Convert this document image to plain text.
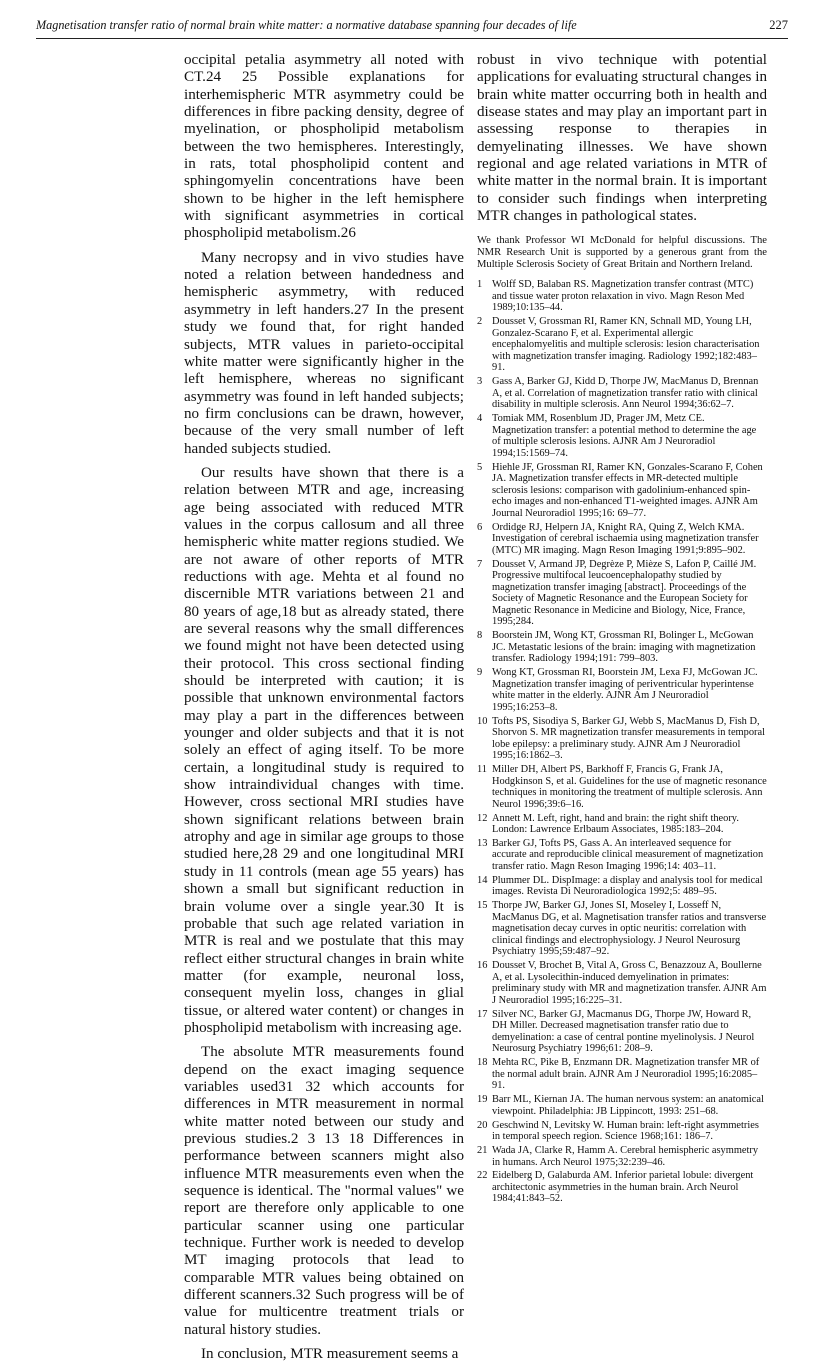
Magnetisation transfer ratio of normal brain white matter: a normative database spanning four decades of life	227

occipital petalia asymmetry all noted with CT.24 25 Possible explanations for interhemispheric MTR asymmetry could be differences in fibre packing density, degree of myelination, or phospholipid metabolism between the two hemispheres. Interestingly, in rats, total phospholipid content and sphingomyelin concentrations have been shown to be higher in the left hemisphere with significant asymmetries in cortical phospholipid metabolism.26

Many necropsy and in vivo studies have noted a relation between handedness and hemispheric asymmetry, with reduced asymmetry in left handers.27 In the present study we found that, for right handed subjects, MTR values in parieto-occipital white matter were significantly higher in the left hemisphere, whereas no significant asymmetry was found in left handed subjects; no firm conclusions can be drawn, however, because of the very small number of left handed subjects studied.

Our results have shown that there is a relation between MTR and age, increasing age being associated with reduced MTR values in the corpus callosum and all three hemispheric white matter regions studied. We are not aware of other reports of MTR reductions with age. Mehta et al found no discernible MTR variations between 21 and 80 years of age,18 but as already stated, there are several reasons why the small differences we found might not have been detected using their protocol. This cross sectional finding should be interpreted with caution; it is possible that unknown environmental factors may play a part in the differences between younger and older subjects and that it is not solely an effect of aging itself. To be more certain, a longitudinal study is required to show intraindividual changes with time. However, cross sectional MRI studies have shown significant relations between brain atrophy and age in similar age groups to those studied here,28 29 and one longitudinal MRI study in 11 controls (mean age 55 years) has shown a small but significant reduction in brain volume over a single year.30 It is probable that such age related variation in MTR is real and we postulate that this may reflect either structural changes in brain white matter (for example, neuronal loss, consequent myelin loss, changes in glial tissue, or altered water content) or changes in phospholipid metabolism with increasing age.

The absolute MTR measurements found depend on the exact imaging sequence variables used31 32 which accounts for differences in MTR measurement in normal white matter noted between our study and previous studies.2 3 13 18 Differences in performance between scanners might also influence MTR measurements even when the sequence is identical. The "normal values" we report are therefore only applicable to one particular scanner using one particular technique. Further work is needed to develop MT imaging protocols that lead to comparable MTR values being obtained on different scanners.32 Such progress will be of value for multicentre treatment trials or natural history studies.

In conclusion, MTR measurement seems a

robust in vivo technique with potential applications for evaluating structural changes in brain white matter occurring both in health and disease states and may play an important part in assessing response to therapies in demyelinating illnesses. We have shown regional and age related variations in MTR of white matter in the normal brain. It is important to consider such findings when interpreting MTR changes in pathological states.

We thank Professor WI McDonald for helpful discussions. The NMR Research Unit is supported by a generous grant from the Multiple Sclerosis Society of Great Britain and Northern Ireland.

1 Wolff SD, Balaban RS. Magnetization transfer contrast (MTC) and tissue water proton relaxation in vivo. Magn Reson Med 1989;10:135–44.
2 Dousset V, Grossman RI, Ramer KN, Schnall MD, Young LH, Gonzalez-Scarano F, et al. Experimental allergic encephalomyelitis and multiple sclerosis: lesion characterisation with magnetization transfer imaging. Radiology 1992;182:483–91.
3 Gass A, Barker GJ, Kidd D, Thorpe JW, MacManus D, Brennan A, et al. Correlation of magnetization transfer ratio with clinical disability in multiple sclerosis. Ann Neurol 1994;36:62–7.
4 Tomiak MM, Rosenblum JD, Prager JM, Metz CE. Magnetization transfer: a potential method to determine the age of multiple sclerosis lesions. AJNR Am J Neuroradiol 1994;15:1569–74.
5 Hiehle JF, Grossman RI, Ramer KN, Gonzales-Scarano F, Cohen JA. Magnetization transfer effects in MR-detected multiple sclerosis lesions: comparison with gadolinium-enhanced spin-echo images and non-enhanced T1-weighted images. AJNR Am Journal Neuroradiol 1995;16: 69–77.
6 Ordidge RJ, Helpern JA, Knight RA, Quing Z, Welch KMA. Investigation of cerebral ischaemia using magnetization transfer (MTC) MR imaging. Magn Reson Imaging 1991;9:895–902.
7 Dousset V, Armand JP, Degrèze P, Mièze S, Lafon P, Caillé JM. Progressive multifocal leucoencephalopathy studied by magnetization transfer imaging [abstract]. Proceedings of the Society of Magnetic Resonance and the European Society for Magnetic Resonance in Medicine and Biology, Nice, France, 1995;284.
8 Boorstein JM, Wong KT, Grossman RI, Bolinger L, McGowan JC. Metastatic lesions of the brain: imaging with magnetization transfer. Radiology 1994;191: 799–803.
9 Wong KT, Grossman RI, Boorstein JM, Lexa FJ, McGowan JC. Magnetization transfer imaging of periventricular hyperintense white matter in the elderly. AJNR Am J Neuroradiol 1995;16:253–8.
10 Tofts PS, Sisodiya S, Barker GJ, Webb S, MacManus D, Fish D, Shorvon S. MR magnetization transfer measurements in temporal lobe epilepsy: a preliminary study. AJNR Am J Neuroradiol 1995;16:1862–3.
11 Miller DH, Albert PS, Barkhoff F, Francis G, Frank JA, Hodgkinson S, et al. Guidelines for the use of magnetic resonance techniques in monitoring the treatment of multiple sclerosis. Ann Neurol 1996;39:6–16.
12 Annett M. Left, right, hand and brain: the right shift theory. London: Lawrence Erlbaum Associates, 1985:183–204.
13 Barker GJ, Tofts PS, Gass A. An interleaved sequence for accurate and reproducible clinical measurement of magnetization transfer ratio. Magn Reson Imaging 1996;14: 403–11.
14 Plummer DL. DispImage: a display and analysis tool for medical images. Revista Di Neuroradiologica 1992;5: 489–95.
15 Thorpe JW, Barker GJ, Jones SI, Moseley I, Losseff N, MacManus DG, et al. Magnetisation transfer ratios and transverse magnetisation decay curves in optic neuritis: correlation with clinical findings and electrophysiology. J Neurol Neurosurg Psychiatry 1995;59:487–92.
16 Dousset V, Brochet B, Vital A, Gross C, Benazzouz A, Boullerne A, et al. Lysolecithin-induced demyelination in primates: preliminary study with MR and magnetization transfer. AJNR Am J Neuroradiol 1995;16:225–31.
17 Silver NC, Barker GJ, Macmanus DG, Thorpe JW, Howard R, DH Miller. Decreased magnetisation transfer ratio due to demyelination: a case of central pontine myelinolysis. J Neurol Neurosurg Psychiatry 1996;61: 208–9.
18 Mehta RC, Pike B, Enzmann DR. Magnetization transfer MR of the normal adult brain. AJNR Am J Neuroradiol 1995;16:2085–91.
19 Barr ML, Kiernan JA. The human nervous system: an anatomical viewpoint. Philadelphia: JB Lippincott, 1993: 251–68.
20 Geschwind N, Levitsky W. Human brain: left-right asymmetries in temporal speech region. Science 1968;161: 186–7.
21 Wada JA, Clarke R, Hamm A. Cerebral hemispheric asymmetry in humans. Arch Neurol 1975;32:239–46.
22 Eidelberg D, Galaburda AM. Inferior parietal lobule: divergent architectonic asymmetries in the human brain. Arch Neurol 1984;41:843–52.
